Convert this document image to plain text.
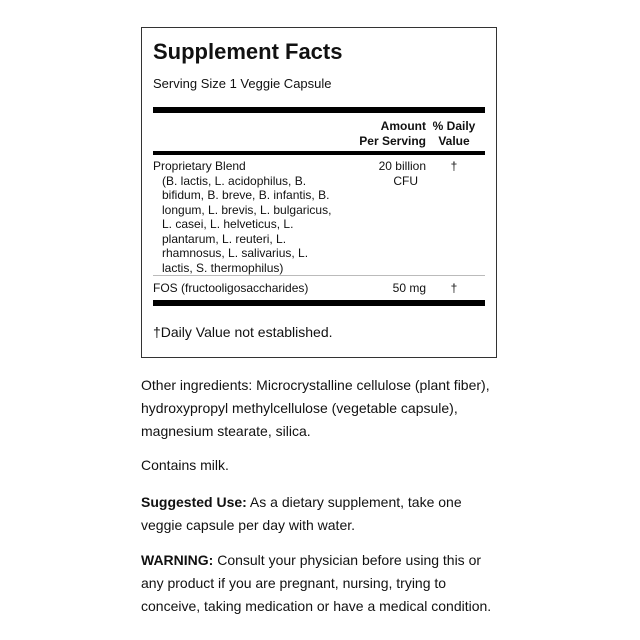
Supplement Facts
Serving Size 1 Veggie Capsule
Amount
Per Serving
% Daily
Value
Proprietary Blend
(B. lactis, L. acidophilus, B.
bifidum, B. breve, B. infantis, B.
longum, L. brevis, L. bulgaricus,
L. casei, L. helveticus, L.
plantarum, L. reuteri, L.
rhamnosus, L. salivarius, L.
lactis, S. thermophilus)
20 billion
CFU
†
FOS (fructooligosaccharides)	50 mg	†
†Daily Value not established.
Other ingredients: Microcrystalline cellulose (plant fiber),
hydroxypropyl methylcellulose (vegetable capsule),
magnesium stearate, silica.
Contains milk.
Suggested Use: As a dietary supplement, take one
veggie capsule per day with water.
WARNING: Consult your physician before using this or
any product if you are pregnant, nursing, trying to
conceive, taking medication or have a medical condition.
